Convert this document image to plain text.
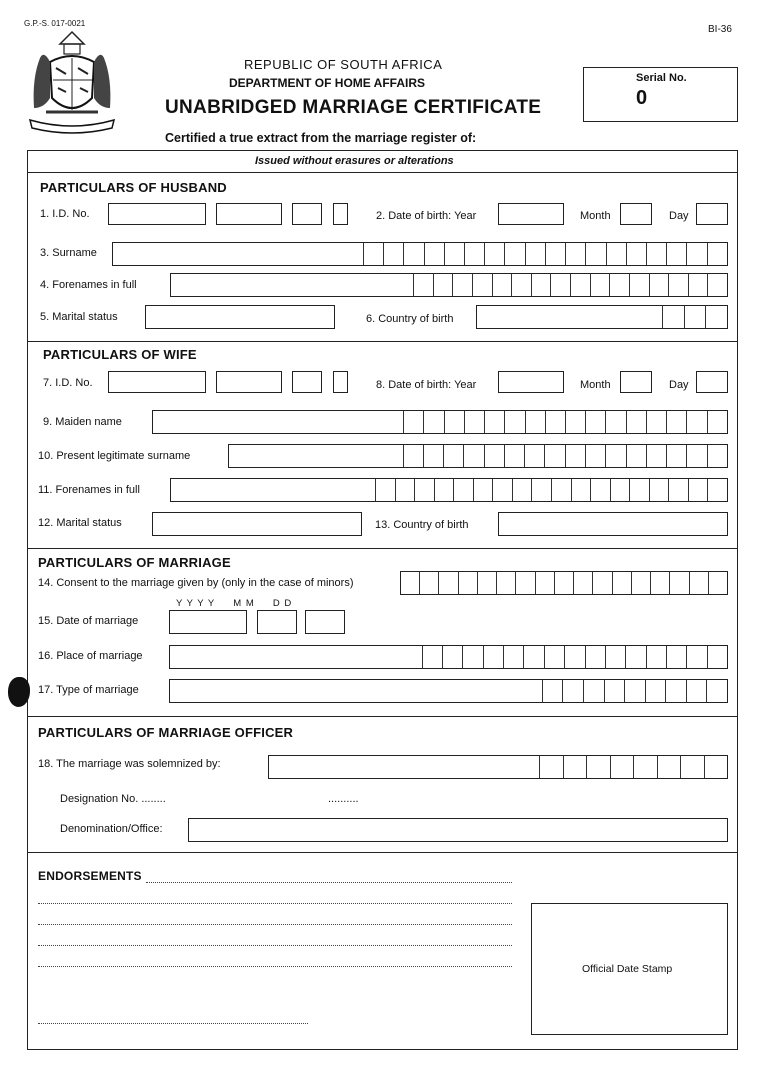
G.P.-S. 017-0021
BI-36
REPUBLIC OF SOUTH AFRICA
DEPARTMENT OF HOME AFFAIRS
UNABRIDGED MARRIAGE CERTIFICATE
Certified a true extract from the marriage register of:
Serial No.
0
Issued without erasures or alterations
PARTICULARS OF HUSBAND
1. I.D. No.	2. Date of birth: Year	Month	Day
3. Surname
4. Forenames in full
5. Marital status	6. Country of birth
PARTICULARS OF WIFE
7. I.D. No.	8. Date of birth: Year	Month	Day
9. Maiden name
10. Present legitimate surname
11. Forenames in full
12. Marital status	13. Country of birth
PARTICULARS OF MARRIAGE
14. Consent to the marriage given by (only in the case of minors)
Y Y Y Y     M M     D D
15. Date of marriage
16. Place of marriage
17. Type of marriage
PARTICULARS OF MARRIAGE OFFICER
18. The marriage was solemnized by:
Designation No. ........	..........
Denomination/Office:
ENDORSEMENTS
Official Date Stamp
